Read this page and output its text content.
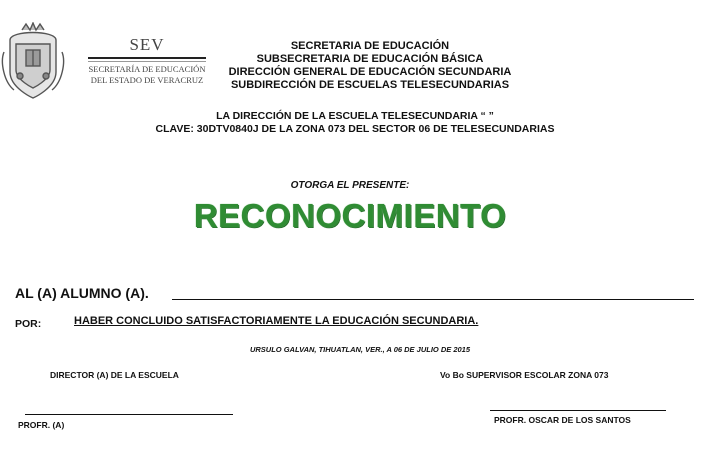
SEV
SECRETARÍA DE EDUCACIÓN
DEL ESTADO DE VERACRUZ
SECRETARIA DE EDUCACIÓN
SUBSECRETARIA DE EDUCACIÓN BÁSICA
DIRECCIÓN GENERAL DE EDUCACIÓN SECUNDARIA
SUBDIRECCIÓN DE ESCUELAS TELESECUNDARIAS
LA DIRECCIÓN DE LA ESCUELA TELESECUNDARIA “ ”
CLAVE: 30DTV0840J DE LA ZONA 073 DEL SECTOR 06 DE TELESECUNDARIAS
OTORGA EL PRESENTE:
RECONOCIMIENTO
AL (A) ALUMNO (A).
POR:	HABER CONCLUIDO SATISFACTORIAMENTE LA EDUCACIÓN SECUNDARIA.
URSULO GALVAN, TIHUATLAN, VER., A 06 DE JULIO DE 2015
DIRECTOR (A) DE LA ESCUELA	Vo Bo SUPERVISOR ESCOLAR ZONA 073
PROFR. (A)	PROFR. OSCAR DE LOS SANTOS
